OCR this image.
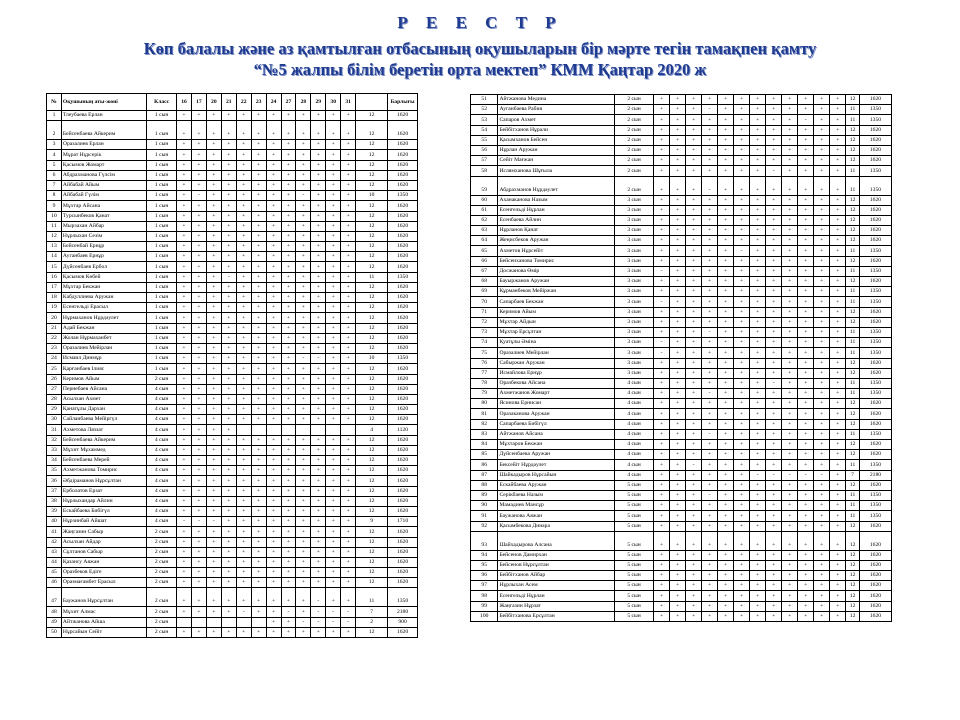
Р Е Е С Т Р
Көп балалы және аз қамтылған отбасының оқушыларын бір мәрте тегін тамақпен қамту
“№5 жалпы білім беретін орта мектеп” КММ Қаңтар 2020 ж
№	Оқушының аты-жөні	Класс	16	17	20	21	22	23	24	27	28	29	30	31		Барлығы
1	Тлеубаева Ерлан	1 сын	+	+	+	+	+	+	+	+	+	+	+	+	12	1620
2	Бейсенбаева Айкерим	1 сын	+	+	+	+	+	+	+	+	+	+	+	+	12	1620
3	Оразалиев Ерлан	1 сын	+	+	+	+	+	+	+	+	+	+	+	+	12	1620
4	Мұрат Нұрсерік	1 сын	+	+	+	+	+	+	+	+	+	+	+	+	12	1620
5	Қасымов Жомарт	1 сын	+	+	+	+	+	+	+	+	+	+	+	+	12	1620
6	Абдрахманова Гүлсім	1 сын	+	+	+	+	+	+	+	+	+	+	+	+	12	1620
7	Айбабай Айым	1 сын	+	+	+	+	+	+	+	+	+	+	+	+	12	1620
8	Айбабай Гүлім	1 сын	+	-	+	+	+	+	+	+	-	+	+	+	10	1350
9	Мұхтар Айсана	1 сын	+	+	+	+	+	+	+	+	+	+	+	+	12	1620
10	Турсынбеков Қанат	1 сын	+	+	+	+	+	+	+	+	+	+	+	+	12	1620
11	Мырзахан Айбар	1 сын	+	+	+	+	+	+	+	+	+	+	+	+	12	1620
12	Нұрлыхан Сезім	1 сын	+	+	+	+	+	+	+	+	+	+	+	+	12	1620
13	Бейсенбай Ернұр	1 сын	+	+	+	+	+	+	+	+	+	+	+	+	12	1620
14	Ауганбаев Ернұр	1 сын	+	+	+	+	+	+	+	+	+	+	+	+	12	1620
15	Дүйсенбаев Ербол	1 сын	+	+	+	+	+	+	+	+	+	+	+	+	12	1620
16	Қасымов Көбей	1 сын	+	+	+	-	+	+	+	+	+	+	+	+	11	1350
17	Мұхтар Бекжан	1 сын	+	+	+	+	+	+	+	+	+	+	+	+	12	1620
18	Кабдуллиева Аружан	1 сын	+	+	+	+	+	+	+	+	+	+	+	+	12	1620
19	Есенгельді Ерасыл	1 сын	+	+	+	+	+	+	+	+	+	+	+	+	12	1620
20	Нұрмаханов Нұрдәулет	1 сын	+	+	+	+	+	+	+	+	+	+	+	+	12	1620
21	Адай Бекжан	1 сын	+	+	+	+	+	+	+	+	+	+	+	+	12	1620
22	Жолан Нұрмаханбет	1 сын	+	+	+	+	+	+	+	+	+	+	+	+	12	1620
23	Оразалиев Мейірлан	1 сын	+	+	+	+	+	+	+	+	+	+	+	+	12	1620
24	Исмаил Динмұр	1 сын	+	+	+	+	+	+	+	+	-	-	+	+	10	1350
25	Қарғанбаев Ілияс	1 сын	+	+	+	+	+	+	+	+	+	+	+	+	12	1620
26	Керимов Айым	2 сын	+	+	+	+	+	+	+	+	+	+	+	+	12	1620
27	Пернебаев Айсана	4 сын	+	+	+	+	+	+	+	+	+	+	+	+	12	1620
28	Асылхан Ахмет	4 сын	+	+	+	+	+	+	+	+	+	+	+	+	12	1620
29	Қанатұлы Дархан	4 сын	+	+	+	+	+	+	+	+	+	+	+	+	12	1620
30	Сайланбаева Мейіргүл	4 сын	+	+	+	+	+	+	+	+	+	+	+	+	12	1620
31	Ахметова Ляззат	4 сын	+	+	+	+									4	1120
32	Бейсенбаева Айкерим	4 сын	+	+	+	+	+	+	+	+	+	+	+	+	12	1620
33	Мұхит Мұхаммед	4 сын	+	+	+	+	+	+	+	+	+	+	+	+	12	1620
34	Бейсенбаева Мерей	4 сын	+	+	+	+	+	+	+	+	+	+	+	+	12	1620
35	Ахметжанова Томирис	4 сын	+	+	+	+	+	+	+	+	+	+	+	+	12	1620
36	Әбдіраманов Нұрсұлтан	4 сын	+	+	+	+	+	+	+	+	+	+	+	+	12	1620
37	Ерболатов Ерзат	4 сын	+	+	+	+	+	+	+	+	+	+	+	+	12	1620
38	Нұрлыхандар Айлин	4 сын	+	+	+	+	+	+	+	+	+	+	+	+	12	1620
39	Ескайбаева Бибігүл	4 сын	+	+	+	+	+	+	+	+	+	+	+	+	12	1620
40	Нұрзинбай Айшат	4 сын	-	-	-	+	+	+	+	+	+	+	+	+	9	1710
41	Жаңгазин Сабыр	2 сын	+	+	+	+	+	+	+	+	+	+	+	+	12	1620
42	Асылхан Айдар	2 сын	+	+	+	+	+	+	+	+	+	+	+	+	12	1620
43	Сұлтанов Сабыр	2 сын	+	+	+	+	+	+	+	+	+	+	+	+	12	1620
44	Қазансу Аяжан	2 сын	+	+	+	+	+	+	+	+	+	+	+	+	12	1620
45	Оразбеков Едіге	2 сын	+	+	+	+	+	+	+	+	+	+	+	+	12	1620
46	Оразмағамбет Ерасыл	2 сын	+	+	+	+	+	+	+	+	+	+	+	+	12	1620
47	Баужанов Нұрсұлтан	2 сын	+	+	+	+	+	+	+	+	+	-	+	+	11	1350
48	Мұхит Алмас	2 сын	+	+	+	+	-	+	+	-	+	-	-	-	7	2180
49	Айтжанова Айша	2 сын							+	+	-	-	-	-	2	900
50	Нұрсайын Сейіт	2 сын	+	+	+	+	+	+	+	+	+	+	+	+	12	1620
51	Айтжанова Медина	2 сын	+	+	+	+	+	+	+	+	+	+	+	+	12	1620
52	Ауганбаева Рабия	2 сын	+	+	+	-	+	+	+	+	+	+	+	+	11	1350
53	Сапаров Ахмет	2 сын	+	+	+	+	+	+	+	+	+	-	+	+	11	1350
54	Бейбітханов Нұрали	2 сын	+	+	+	+	+	+	+	+	+	+	+	+	12	1620
55	Қасымханов Бейсен	2 сын	+	+	+	+	+	+	+	+	+	+	+	+	12	1620
56	Нұрлан Аружан	2 сын	+	+	+	+	+	+	+	+	+	+	+	+	12	1620
57	Сейіт Мағжан	2 сын	+	+	+	+	+	+	+	+	+	+	+	+	12	1620
58	Ислямханова Шұғыла	2 сын	+	+	+	+	+	+	+	-	+	+	+	+	11	1350
59	Абдрахманов Нұрдәулет	2 сын	+	+	+	-	+	+	+	+	+	+	+	+	11	1350
60	Аханаканова Назым	3 сын	+	+	+	+	+	+	+	+	+	+	+	+	12	1620
61	Есенгельді Нұрлан	3 сын	+	+	+	+	+	+	+	+	+	+	+	+	12	1620
62	Есенбаева Айлин	3 сын	+	+	+	+	+	+	+	+	+	+	+	+	12	1620
63	Нұрланов Қанат	3 сын	+	+	+	+	+	+	+	+	+	+	+	+	12	1620
64	Жеңисбеков Аружан	3 сын	+	+	+	+	+	+	+	+	+	+	+	+	12	1620
65	Ахметов Нұрсейіт	3 сын	+	+	+	+	+	-	+	+	+	+	+	+	11	1350
66	Бейсенханова Томирис	3 сын	+	+	+	+	+	+	+	+	+	+	+	+	12	1620
67	Досжанова Өмір	3 сын	-	+	+	+	+	+	+	+	+	+	+	+	11	1350
68	Бауыржанов Аружан	3 сын	+	+	+	+	+	+	+	+	+	+	+	+	12	1620
69	Құрманбеков Мейіржан	3 сын	+	+	+	+	+	+	+	+	+	+	+	+	11	1350
70	Сапарбаев Бекжан	3 сын	-	+	+	+	+	+	+	+	+	+	+	+	11	1350
71	Керимов Айым	3 сын	+	+	+	+	+	+	+	+	+	+	+	+	12	1620
72	Мұхтар Айдын	3 сын	+	+	+	+	+	+	+	+	+	+	+	+	12	1620
73	Мұхтар Ерсұлтан	3 сын	+	+	+	-	+	+	+	+	+	+	+	+	11	1350
74	Қуатұлы Әміна	3 сын	-	+	+	+	+	+	+	+	+	+	+	+	11	1350
75	Оразалиев Мейірлан	3 сын	-	+	+	+	+	+	+	+	+	+	+	+	11	1350
76	Сабыржан Аружан	3 сын	+	+	+	+	+	+	+	+	+	+	+	+	12	1620
77	Исмайлова Ернұр	3 сын	+	+	+	+	+	+	+	+	+	+	+	+	12	1620
78	Оразбекова Айсана	4 сын	+	+	+	+	+	+	+	-	+	+	+	+	11	1350
79	Ахметжанов Жомарт	4 сын	+	+	+	-	+	+	+	+	+	+	+	+	11	1350
80	Ясинова Ернисан	4 сын	+	+	+	+	+	+	+	+	+	+	+	+	12	1620
81	Оразаканова Аружан	4 сын	+	+	+	+	+	+	+	+	+	+	+	+	12	1620
82	Сапарбаева Бибігүл	4 сын	+	+	+	+	+	+	+	+	+	+	+	+	12	1620
83	Айтжанов Айсана	4 сын	+	+	+	-	+	+	+	+	+	+	+	+	11	1350
84	Мұхтаров Бекжан	4 сын	+	+	+	+	+	+	+	+	+	+	+	+	12	1620
85	Дүйсенбаева Аружан	4 сын	+	+	+	+	+	+	+	+	+	+	+	+	12	1620
86	Бексейіт Нұрдәулет	4 сын	+	+	-	+	+	+	+	+	+	+	+	+	11	1350
87	Шайкадыров Нұрсайын	4 сын	+	+	+	+	+	+	-	-	-	-	-	+	7	2180
88	Ескайбаева Аружан	5 сын	+	+	+	+	+	+	+	+	+	+	+	+	12	1620
89	Серікбаева Назым	5 сын	+	+	+	-	+	+	+	+	+	+	+	+	11	1350
90	Мамадиев Мансұр	5 сын	+	+	+	+	+	+	+	+	+	+	+	+	11	1350
91	Баужанова Аяжан	5 сын	+	+	+	+	+	+	+	+	+	+	+	+	11	1350
92	Қасымбекова Динара	5 сын	+	+	+	+	+	+	+	+	+	+	+	+	12	1620
93	Шайхадырова Алсана	5 сын	+	+	+	+	+	+	+	+	+	+	+	+	12	1620
94	Бейсенов Дамирхан	5 сын	+	+	+	+	+	+	+	+	+	+	+	+	12	1620
95	Бейсенов Нұрсұлтан	5 сын	+	+	+	+	+	+	+	+	+	+	+	+	12	1620
96	Бейбітханов Айбар	5 сын	+	+	+	+	+	+	+	+	+	+	+	+	12	1620
97	Нұрлыхан Асем	5 сын	+	+	+	+	+	+	+	+	+	+	+	+	12	1620
98	Есенгельді Нұрлан	5 сын	+	+	+	+	+	+	+	+	+	+	+	+	12	1620
99	Жаңгазин Нұрзат	5 сын	+	+	+	+	+	+	+	+	+	+	+	+	12	1620
100	Бейбітханова Ерсұлтан	5 сын	+	+	+	+	+	+	+	+	+	+	+	+	12	1620
